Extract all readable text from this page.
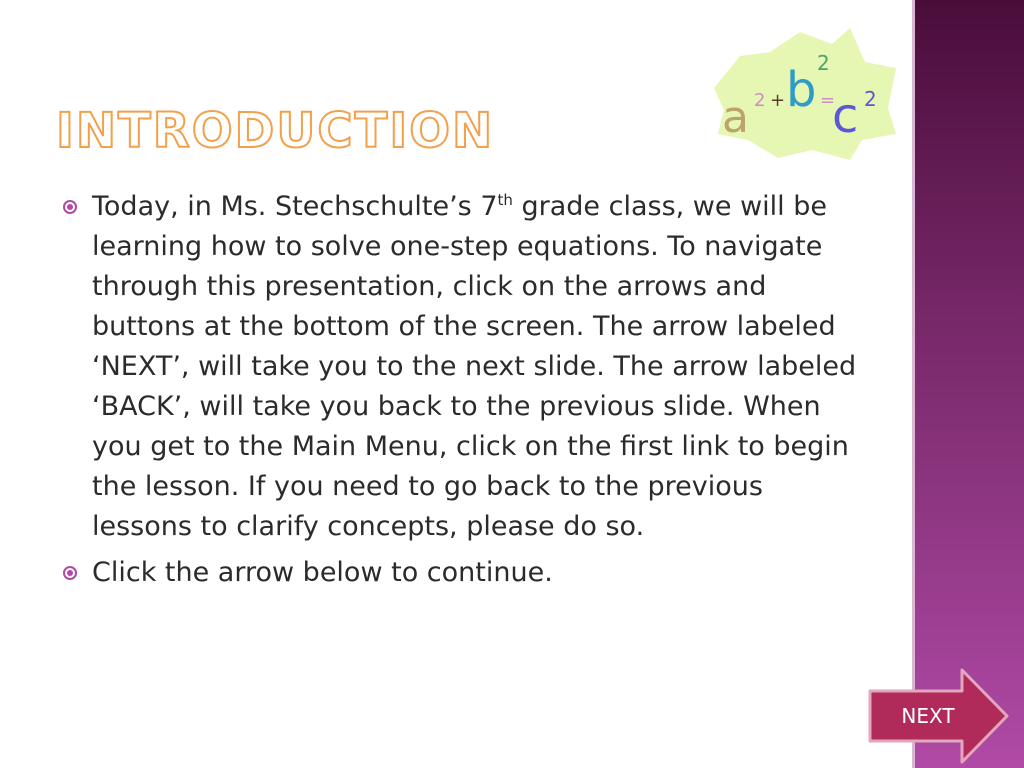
INTRODUCTION	a 2 + b 2
=
c 2
Today, in Ms. Stechschulte’s 7th grade class, we will be learning how to solve one-step equations. To navigate through this presentation, click on the arrows and buttons at the bottom of the screen. The arrow labeled ‘NEXT’, will take you to the next slide. The arrow labeled ‘BACK’, will take you back to the previous slide. When you get to the Main Menu, click on the first link to begin the lesson. If you need to go back to the previous lessons to clarify concepts, please do so.
Click the arrow below to continue.
NEXT
